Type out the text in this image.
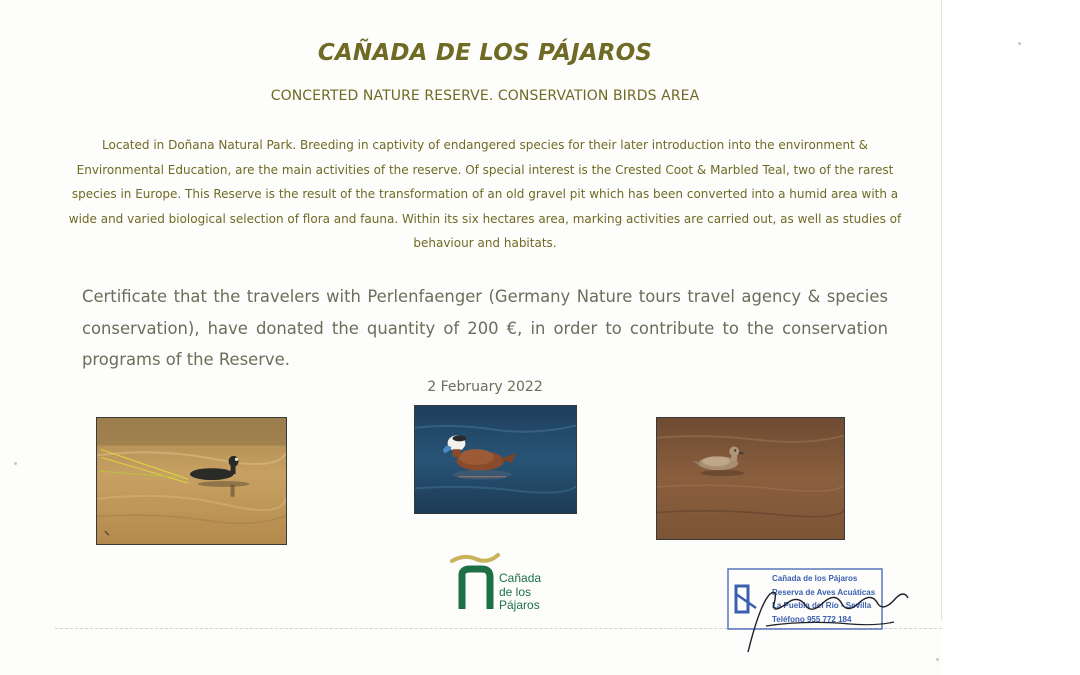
CAÑADA DE LOS PÁJAROS
CONCERTED NATURE RESERVE. CONSERVATION BIRDS AREA

Located in Doñana Natural Park. Breeding in captivity of endangered species for their later introduction into the environment & Environmental Education, are the main activities of the reserve. Of special interest is the Crested Coot & Marbled Teal, two of the rarest species in Europe. This Reserve is the result of the transformation of an old gravel pit which has been converted into a humid area with a wide and varied biological selection of flora and fauna. Within its six hectares area, marking activities are carried out, as well as studies of behaviour and habitats.

Certificate that the travelers with Perlenfaenger (Germany Nature tours travel agency & species conservation), have donated the quantity of 200 €, in order to contribute to the conservation programs of the Reserve.

2 February 2022
Cañada
de los
Pájaros
Cañada de los Pájaros
Reserva de Aves Acuáticas
La Puebla del Río - Sevilla
Teléfono 955 772 184
